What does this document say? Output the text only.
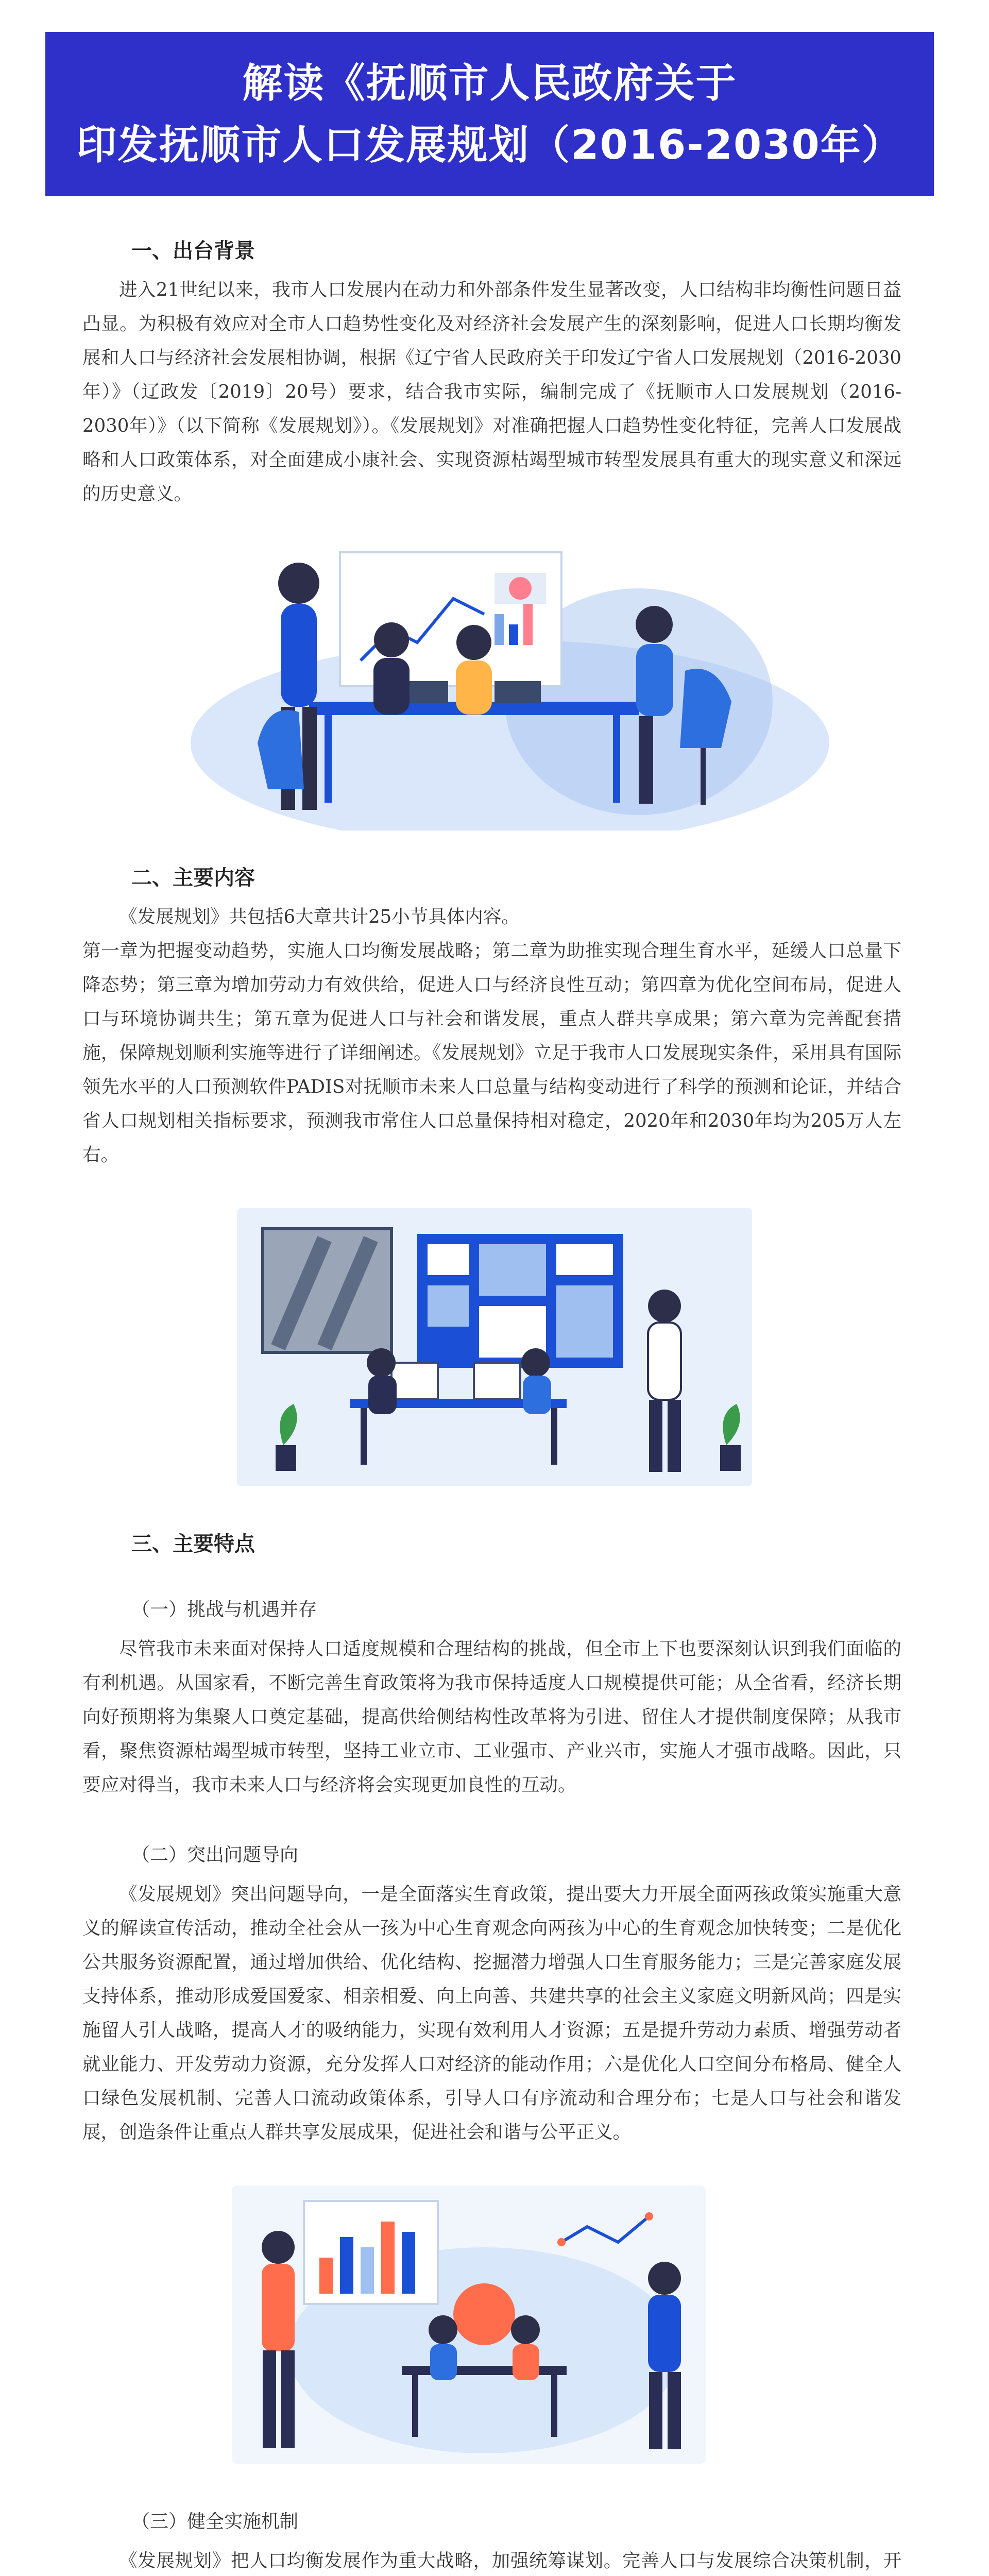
解读《抚顺市人民政府关于
印发抚顺市人口发展规划（2016-2030年）
一、出台背景

进入21世纪以来，我市人口发展内在动力和外部条件发生显著改变，人口结构非均衡性问题日益凸显。为积极有效应对全市人口趋势性变化及对经济社会发展产生的深刻影响，促进人口长期均衡发展和人口与经济社会发展相协调，根据《辽宁省人民政府关于印发辽宁省人口发展规划（2016-2030年）》（辽政发〔2019〕20号）要求，结合我市实际，编制完成了《抚顺市人口发展规划（2016-2030年）》（以下简称《发展规划》）。《发展规划》对准确把握人口趋势性变化特征，完善人口发展战略和人口政策体系，对全面建成小康社会、实现资源枯竭型城市转型发展具有重大的现实意义和深远的历史意义。

二、主要内容

《发展规划》共包括6大章共计25小节具体内容。

第一章为把握变动趋势，实施人口均衡发展战略；第二章为助推实现合理生育水平，延缓人口总量下降态势；第三章为增加劳动力有效供给，促进人口与经济良性互动；第四章为优化空间布局，促进人口与环境协调共生；第五章为促进人口与社会和谐发展，重点人群共享成果；第六章为完善配套措施，保障规划顺利实施等进行了详细阐述。《发展规划》立足于我市人口发展现实条件，采用具有国际领先水平的人口预测软件PADIS对抚顺市未来人口总量与结构变动进行了科学的预测和论证，并结合省人口规划相关指标要求，预测我市常住人口总量保持相对稳定，2020年和2030年均为205万人左右。

三、主要特点
（一）挑战与机遇并存

尽管我市未来面对保持人口适度规模和合理结构的挑战，但全市上下也要深刻认识到我们面临的有利机遇。从国家看，不断完善生育政策将为我市保持适度人口规模提供可能；从全省看，经济长期向好预期将为集聚人口奠定基础，提高供给侧结构性改革将为引进、留住人才提供制度保障；从我市看，聚焦资源枯竭型城市转型，坚持工业立市、工业强市、产业兴市，实施人才强市战略。因此，只要应对得当，我市未来人口与经济将会实现更加良性的互动。

（二）突出问题导向

《发展规划》突出问题导向，一是全面落实生育政策，提出要大力开展全面两孩政策实施重大意义的解读宣传活动，推动全社会从一孩为中心生育观念向两孩为中心的生育观念加快转变；二是优化公共服务资源配置，通过增加供给、优化结构、挖掘潜力增强人口生育服务能力；三是完善家庭发展支持体系，推动形成爱国爱家、相亲相爱、向上向善、共建共享的社会主义家庭文明新风尚；四是实施留人引人战略，提高人才的吸纳能力，实现有效利用人才资源；五是提升劳动力素质、增强劳动者就业能力、开发劳动力资源，充分发挥人口对经济的能动作用；六是优化人口空间分布格局、健全人口绿色发展机制、完善人口流动政策体系，引导人口有序流动和合理分布；七是人口与社会和谐发展，创造条件让重点人群共享发展成果，促进社会和谐与公平正义。

（三）健全实施机制

《发展规划》把人口均衡发展作为重大战略，加强统筹谋划。完善人口与发展综合决策机制，开
